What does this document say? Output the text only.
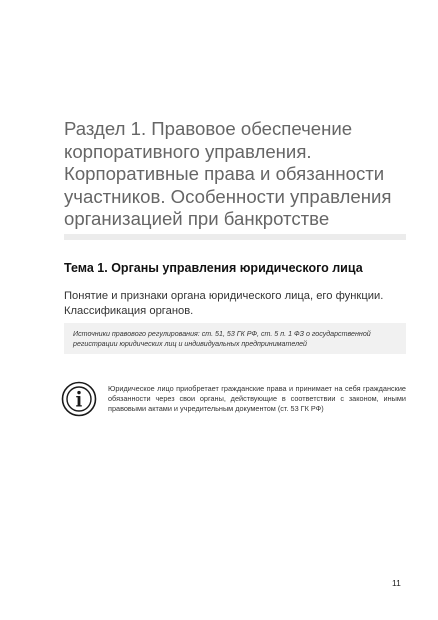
Раздел 1. Правовое обеспечение
корпоративного управления.
Корпоративные права и обязанности
участников. Особенности управления
организацией при банкротстве
Тема 1. Органы управления юридического лица
Понятие и признаки органа юридического лица, его функции.
Классификация органов.
Источники правового регулирования: ст. 51, 53 ГК РФ, ст. 5 п. 1 ФЗ о государственной
регистрации юридических лиц и индивидуальных предпринимателей
Юридическое лицо приобретает гражданские права и принимает на себя гражданские
обязанности через свои органы, действующие в соответствии с законом, иными
правовыми актами и учредительным документом (ст. 53 ГК РФ)
11
